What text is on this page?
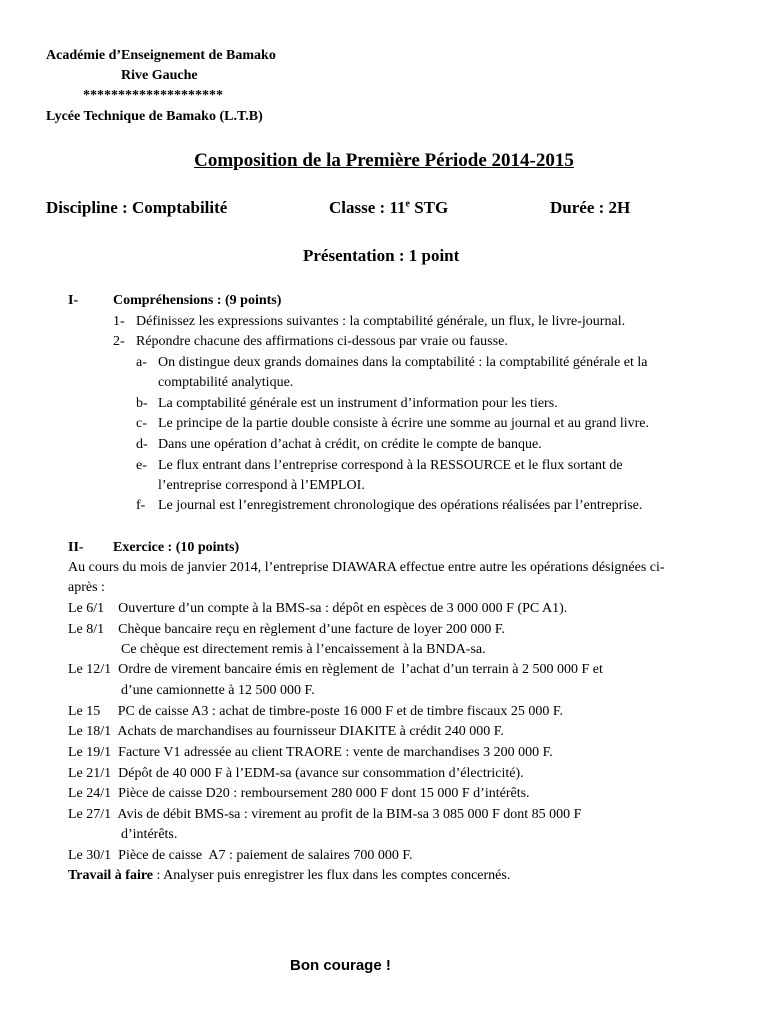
Académie d’Enseignement de Bamako
Rive Gauche
********************
Lycée Technique de Bamako (L.T.B)
Composition de la Première Période 2014-2015
Discipline : Comptabilité	Classe : 11e STG	Durée : 2H
Présentation : 1 point
I- Compréhensions : (9 points)
1- Définissez les expressions suivantes : la comptabilité générale, un flux, le livre-journal.
2- Répondre chacune des affirmations ci-dessous par vraie ou fausse.
a- On distingue deux grands domaines dans la comptabilité : la comptabilité générale et la
comptabilité analytique.
b- La comptabilité générale est un instrument d’information pour les tiers.
c- Le principe de la partie double consiste à écrire une somme au journal et au grand livre.
d- Dans une opération d’achat à crédit, on crédite le compte de banque.
e- Le flux entrant dans l’entreprise correspond à la RESSOURCE et le flux sortant de
l’entreprise correspond à l’EMPLOI.
f- Le journal est l’enregistrement chronologique des opérations réalisées par l’entreprise.
II- Exercice : (10 points)
Au cours du mois de janvier 2014, l’entreprise DIAWARA effectue entre autre les opérations désignées ci-
après :
Le 6/1    Ouverture d’un compte à la BMS-sa : dépôt en espèces de 3 000 000 F (PC A1).
Le 8/1    Chèque bancaire reçu en règlement d’une facture de loyer 200 000 F.
Ce chèque est directement remis à l’encaissement à la BNDA-sa.
Le 12/1  Ordre de virement bancaire émis en règlement de  l’achat d’un terrain à 2 500 000 F et
d’une camionnette à 12 500 000 F.
Le 15     PC de caisse A3 : achat de timbre-poste 16 000 F et de timbre fiscaux 25 000 F.
Le 18/1  Achats de marchandises au fournisseur DIAKITE à crédit 240 000 F.
Le 19/1  Facture V1 adressée au client TRAORE : vente de marchandises 3 200 000 F.
Le 21/1  Dépôt de 40 000 F à l’EDM-sa (avance sur consommation d’électricité).
Le 24/1  Pièce de caisse D20 : remboursement 280 000 F dont 15 000 F d’intérêts.
Le 27/1  Avis de débit BMS-sa : virement au profit de la BIM-sa 3 085 000 F dont 85 000 F
d’intérêts.
Le 30/1  Pièce de caisse  A7 : paiement de salaires 700 000 F.
Travail à faire : Analyser puis enregistrer les flux dans les comptes concernés.
Bon courage !
